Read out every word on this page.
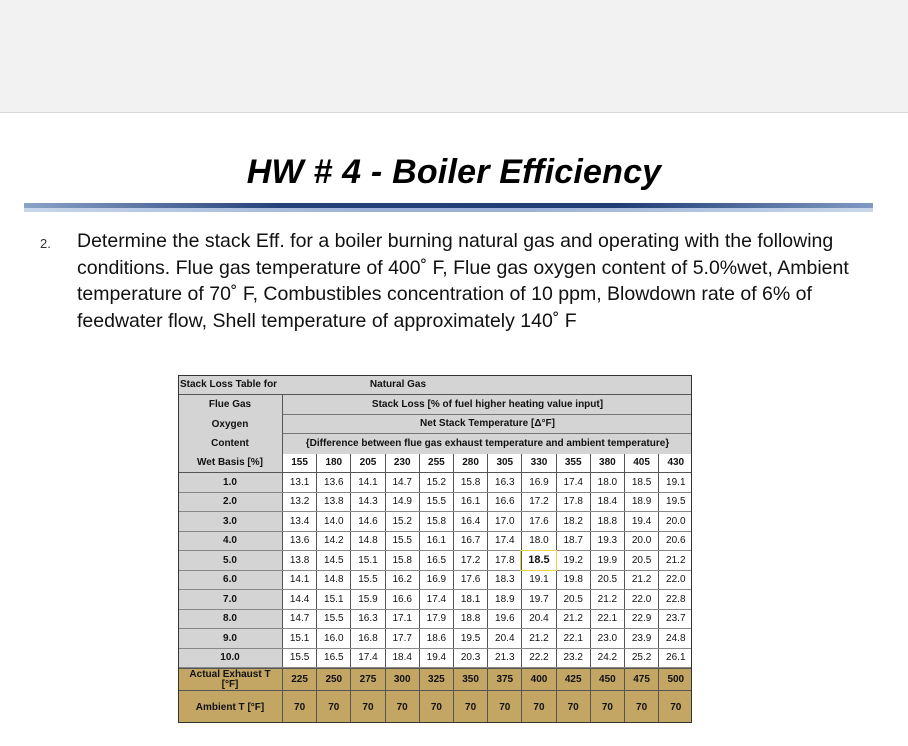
HW # 4 - Boiler Efficiency
2. Determine the stack Eff. for a boiler burning natural gas and operating with the following conditions. Flue gas temperature of 400˚ F, Flue gas oxygen content of 5.0%wet, Ambient temperature of 70˚ F, Combustibles concentration of 10 ppm, Blowdown rate of 6% of feedwater flow, Shell temperature of approximately 140˚ F
Stack Loss Table for	Natural Gas
Flue Gas	Stack Loss [% of fuel higher heating value input]
Oxygen	Net Stack Temperature [Δ°F]
Content	{Difference between flue gas exhaust temperature and ambient temperature}
Wet Basis [%]	155	180	205	230	255	280	305	330	355	380	405	430
1.0	13.1	13.6	14.1	14.7	15.2	15.8	16.3	16.9	17.4	18.0	18.5	19.1
2.0	13.2	13.8	14.3	14.9	15.5	16.1	16.6	17.2	17.8	18.4	18.9	19.5
3.0	13.4	14.0	14.6	15.2	15.8	16.4	17.0	17.6	18.2	18.8	19.4	20.0
4.0	13.6	14.2	14.8	15.5	16.1	16.7	17.4	18.0	18.7	19.3	20.0	20.6
5.0	13.8	14.5	15.1	15.8	16.5	17.2	17.8	18.5	19.2	19.9	20.5	21.2
6.0	14.1	14.8	15.5	16.2	16.9	17.6	18.3	19.1	19.8	20.5	21.2	22.0
7.0	14.4	15.1	15.9	16.6	17.4	18.1	18.9	19.7	20.5	21.2	22.0	22.8
8.0	14.7	15.5	16.3	17.1	17.9	18.8	19.6	20.4	21.2	22.1	22.9	23.7
9.0	15.1	16.0	16.8	17.7	18.6	19.5	20.4	21.2	22.1	23.0	23.9	24.8
10.0	15.5	16.5	17.4	18.4	19.4	20.3	21.3	22.2	23.2	24.2	25.2	26.1
Actual Exhaust T [°F]	225	250	275	300	325	350	375	400	425	450	475	500
Ambient T [°F]	70	70	70	70	70	70	70	70	70	70	70	70
